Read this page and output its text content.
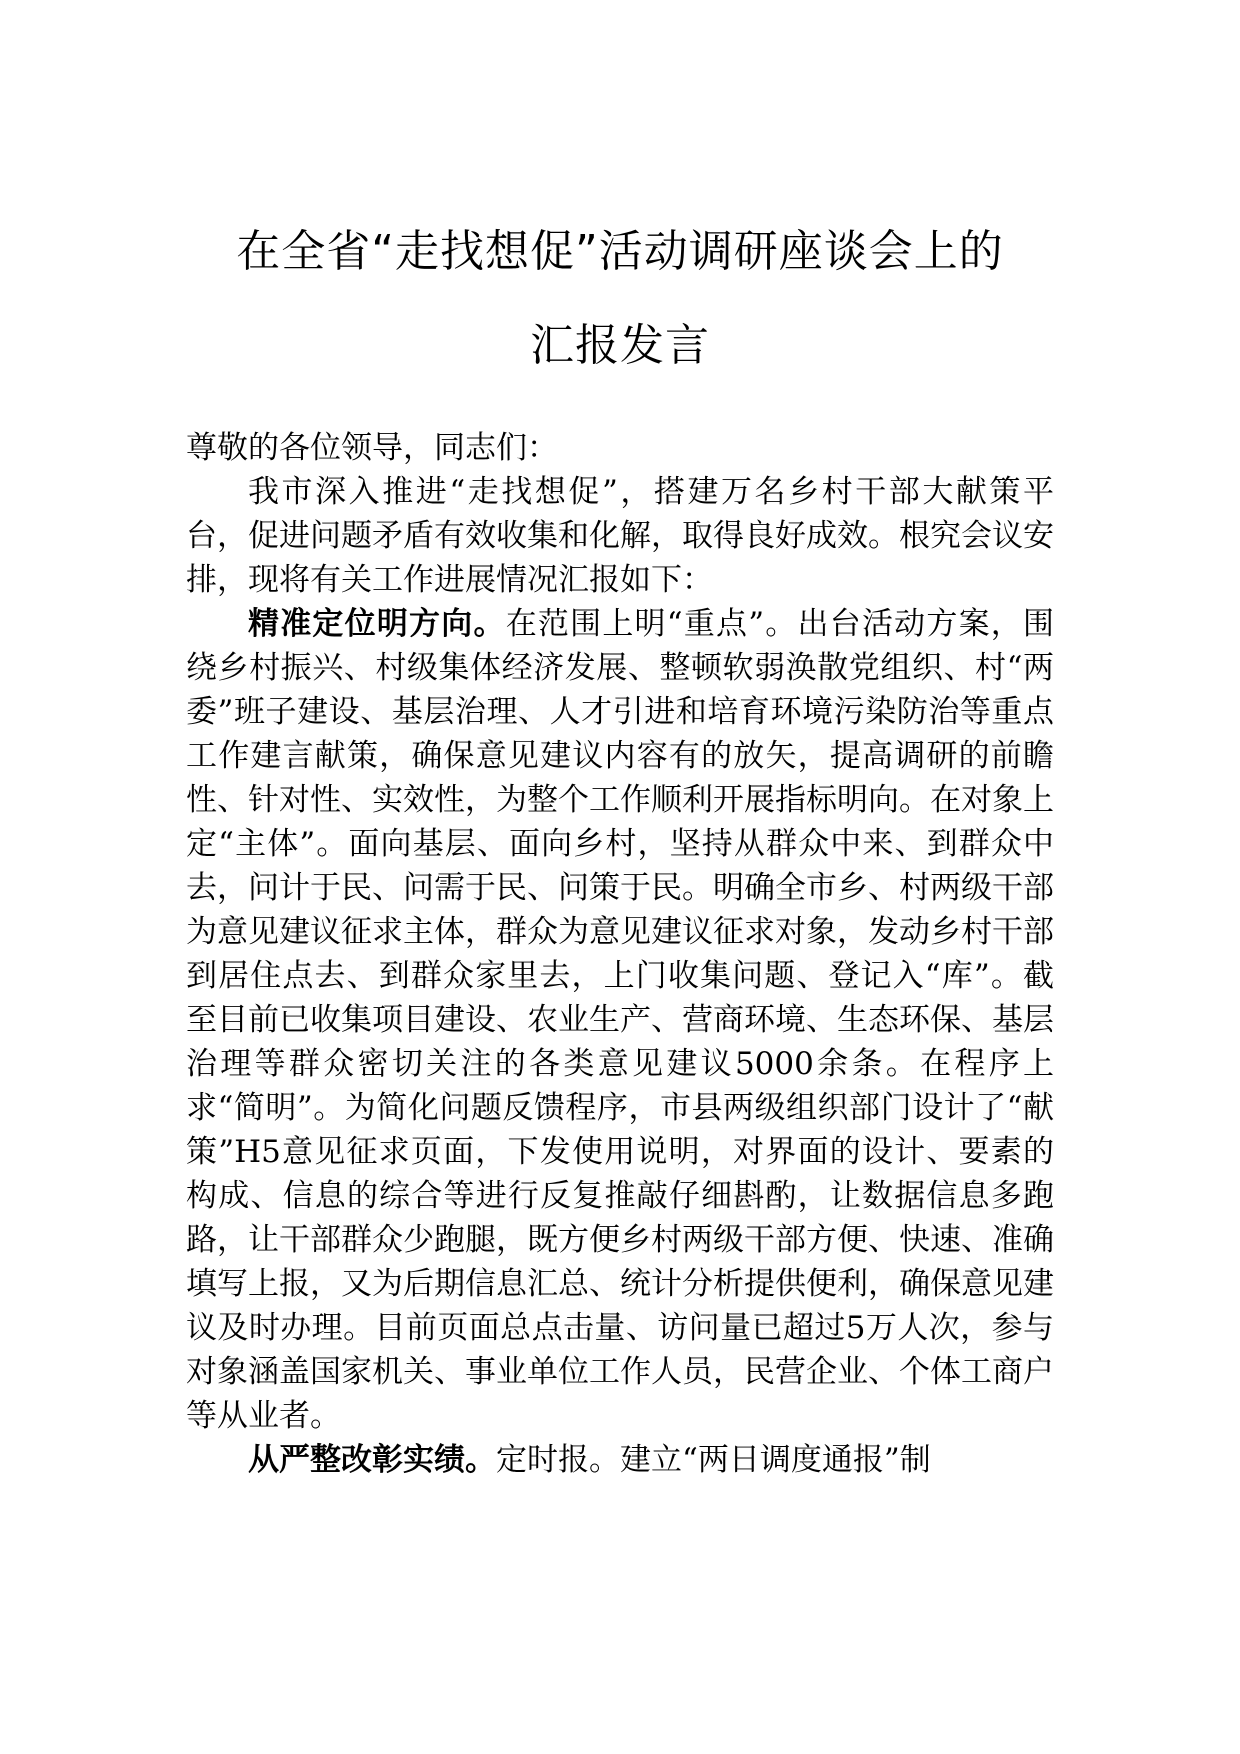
在全省“走找想促”活动调研座谈会上的
汇报发言

尊敬的各位领导，同志们：

我市深入推进“走找想促”，搭建万名乡村干部大献策平台，促进问题矛盾有效收集和化解，取得良好成效。根究会议安排，现将有关工作进展情况汇报如下：

精准定位明方向。在范围上明“重点”。出台活动方案，围绕乡村振兴、村级集体经济发展、整顿软弱涣散党组织、村“两委”班子建设、基层治理、人才引进和培育环境污染防治等重点工作建言献策，确保意见建议内容有的放矢，提高调研的前瞻性、针对性、实效性，为整个工作顺利开展指标明向。在对象上定“主体”。面向基层、面向乡村，坚持从群众中来、到群众中去，问计于民、问需于民、问策于民。明确全市乡、村两级干部为意见建议征求主体，群众为意见建议征求对象，发动乡村干部到居住点去、到群众家里去，上门收集问题、登记入“库”。截至目前已收集项目建设、农业生产、营商环境、生态环保、基层治理等群众密切关注的各类意见建议5000余条。在程序上求“简明”。为简化问题反馈程序，市县两级组织部门设计了“献策”H5意见征求页面，下发使用说明，对界面的设计、要素的构成、信息的综合等进行反复推敲仔细斟酌，让数据信息多跑路，让干部群众少跑腿，既方便乡村两级干部方便、快速、准确填写上报，又为后期信息汇总、统计分析提供便利，确保意见建议及时办理。目前页面总点击量、访问量已超过5万人次，参与对象涵盖国家机关、事业单位工作人员，民营企业、个体工商户等从业者。

从严整改彰实绩。定时报。建立“两日调度通报”制
